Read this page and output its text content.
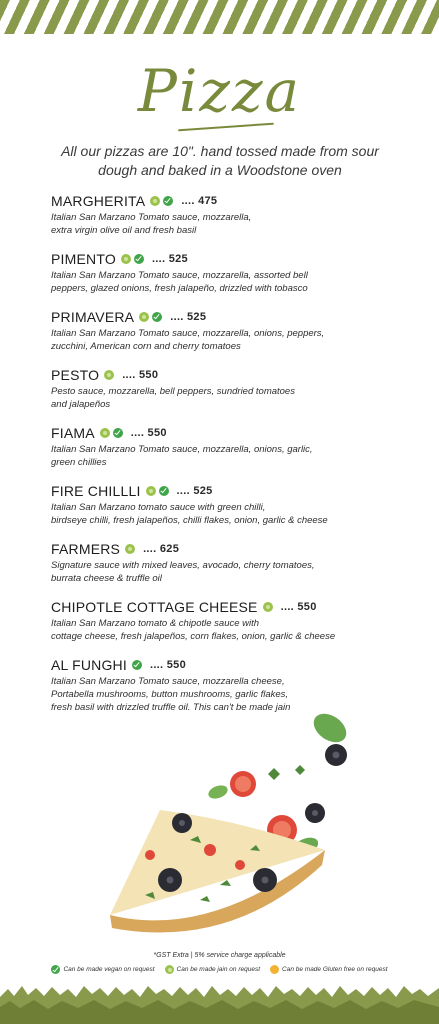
Pizza
All our pizzas are 10". hand tossed made from sour dough and baked in a Woodstone oven
MARGHERITA	.... 475
Italian San Marzano Tomato sauce, mozzarella,
extra virgin olive oil and fresh basil
PIMENTO	.... 525
Italian San Marzano Tomato sauce, mozzarella, assorted bell
peppers, glazed onions, fresh jalapeño, drizzled with tobasco
PRIMAVERA	.... 525
Italian San Marzano Tomato sauce, mozzarella, onions, peppers,
zucchini, American corn and cherry tomatoes
PESTO .... 550
Pesto sauce, mozzarella, bell peppers, sundried tomatoes
and jalapeños
FIAMA	.... 550
Italian San Marzano Tomato sauce, mozzarella, onions, garlic,
green chillies
FIRE CHILLLI	.... 525
Italian San Marzano tomato sauce with green chilli,
birdseye chilli, fresh jalapeños, chilli flakes, onion, garlic & cheese
FARMERS .... 625
Signature sauce with mixed leaves, avocado, cherry tomatoes,
burrata cheese & truffle oil
CHIPOTLE COTTAGE CHEESE .... 550
Italian San Marzano tomato & chipotle sauce with
cottage cheese, fresh jalapeños, corn flakes, onion, garlic & cheese
AL FUNGHI .... 550
Italian San Marzano Tomato sauce, mozzarella cheese,
Portabella mushrooms, button mushrooms, garlic flakes,
fresh basil with drizzled truffle oil. This can't be made jain
*GST Extra | 5% service charge applicable
Can be made vegan on request	Can be made jain on request	Can be made Gluten free on request
